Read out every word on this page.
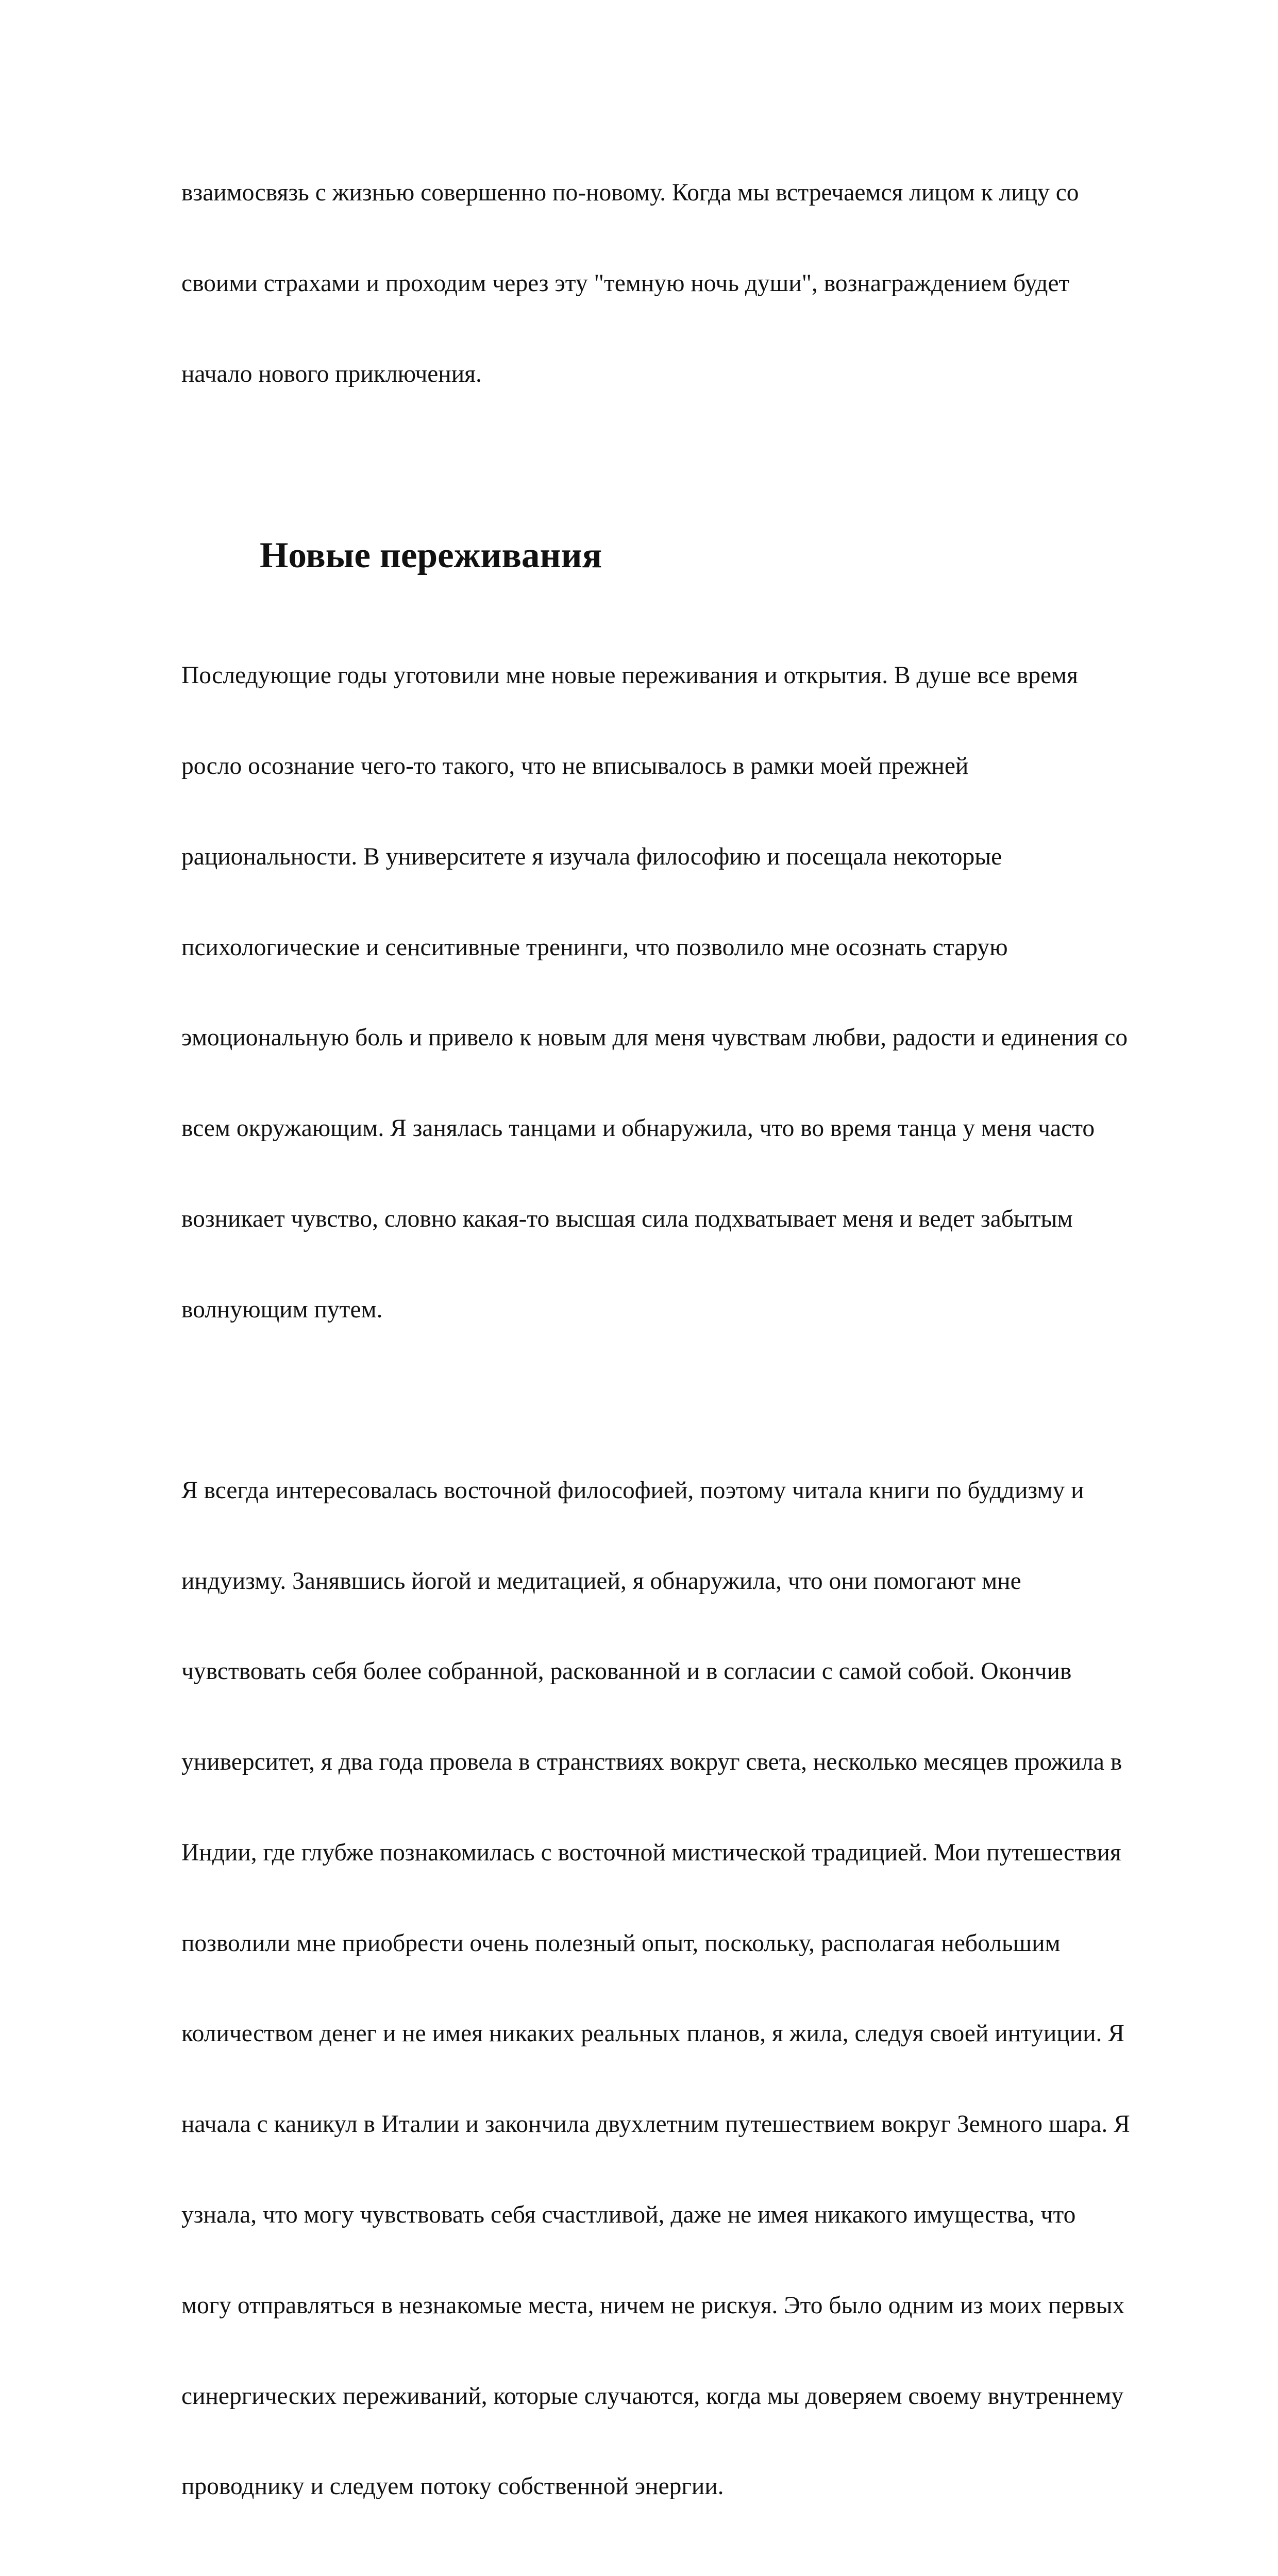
взаимосвязь с жизнью совершенно по-новому. Когда мы встречаемся лицом к лицу со

своими страхами и проходим через эту "темную ночь души", вознаграждением будет

начало нового приключения.

Новые переживания

Последующие годы уготовили мне новые переживания и открытия. В душе все время

росло осознание чего-то такого, что не вписывалось в рамки моей прежней

рациональности. В университете я изучала философию и посещала некоторые

психологические и сенситивные тренинги, что позволило мне осознать старую

эмоциональную боль и привело к новым для меня чувствам любви, радости и единения со

всем окружающим. Я занялась танцами и обнаружила, что во время танца у меня часто

возникает чувство, словно какая-то высшая сила подхватывает меня и ведет забытым

волнующим путем.

Я всегда интересовалась восточной философией, поэтому читала книги по буддизму и

индуизму. Занявшись йогой и медитацией, я обнаружила, что они помогают мне

чувствовать себя более собранной, раскованной и в согласии с самой собой. Окончив

университет, я два года провела в странствиях вокруг света, несколько месяцев прожила в

Индии, где глубже познакомилась с восточной мистической традицией. Мои путешествия

позволили мне приобрести очень полезный опыт, поскольку, располагая небольшим

количеством денег и не имея никаких реальных планов, я жила, следуя своей интуиции. Я

начала с каникул в Италии и закончила двухлетним путешествием вокруг Земного шара. Я

узнала, что могу чувствовать себя счастливой, даже не имея никакого имущества, что

могу отправляться в незнакомые места, ничем не рискуя. Это было одним из моих первых

синергических переживаний, которые случаются, когда мы доверяем своему внутреннему

проводнику и следуем потоку собственной энергии.
